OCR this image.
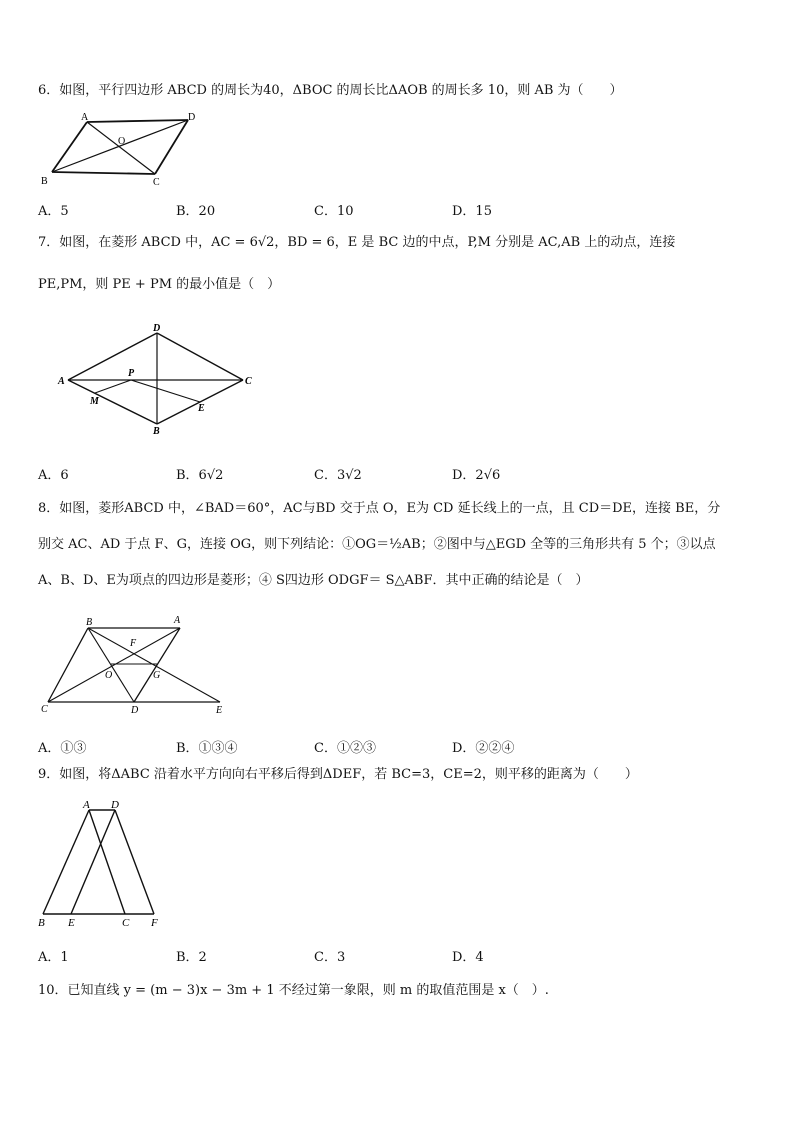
6．如图，平行四边形 ABCD 的周长为40，ΔBOC 的周长比ΔAOB 的周长多 10，则 AB 为（　　）
A	D
O
B	C
A．5	B．20	C．10	D．15
7．如图，在菱形 ABCD 中，AC = 6√2，BD = 6，E 是 BC 边的中点，P,M 分别是 AC,AB 上的动点，连接
PE,PM，则 PE + PM 的最小值是（　）
D
A
P
C
M
E
B
A．6	B．6√2	C．3√2	D．2√6
8．如图，菱形ABCD 中，∠BAD＝60°，AC与BD 交于点 O，E为 CD 延长线上的一点，且 CD＝DE，连接 BE，分
别交 AC、AD 于点 F、G，连接 OG，则下列结论：①OG＝½AB；②图中与△EGD 全等的三角形共有 5 个；③以点
A、B、D、E为项点的四边形是菱形；④ S四边形 ODGF＝ S△ABF．其中正确的结论是（　）
B	A
F
O	G
C	D	E
A．①③	B．①③④	C．①②③	D．②②④
9．如图，将ΔABC 沿着水平方向向右平移后得到ΔDEF，若 BC=3，CE=2，则平移的距离为（　　）
A D
B E	C F
A．1	B．2	C．3	D．4
10．已知直线 y = (m − 3)x − 3m + 1 不经过第一象限，则 m 的取值范围是 x（　）.
